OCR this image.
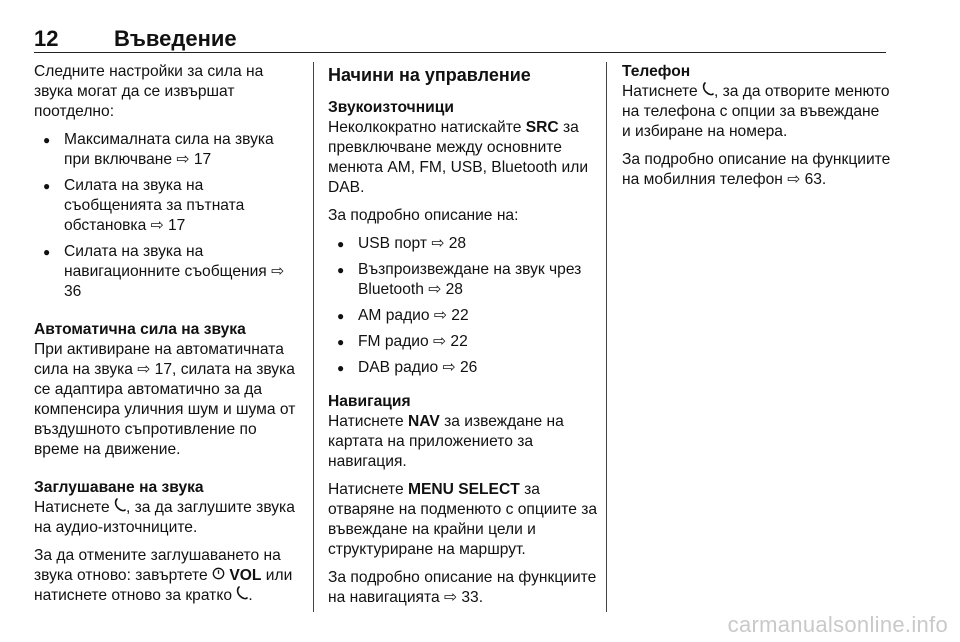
12	Въведение

Следните настройки за сила на звука могат да се извършат поотделно:

● Максималната сила на звука при включване ⇨ 17
● Силата на звука на съобщенията за пътната обстановка ⇨ 17
● Силата на звука на навигационните съобщения ⇨ 36
Автоматична сила на звука

При активиране на автоматичната сила на звука ⇨ 17, силата на звука се адаптира автоматично за да компенсира уличния шум и шума от въздушното съпротивление по време на движение.

Заглушаване на звука

Натиснете , за да заглушите звука на аудио-източниците.

За да отмените заглушаването на звука отново: завъртете  VOL или натиснете отново за кратко .

Начини на управление
Звукоизточници

Неколкократно натискайте SRC за превключване между основните менюта AM, FM, USB, Bluetooth или DAB.

За подробно описание на:

● USB порт ⇨ 28
● Възпроизвеждане на звук чрез Bluetooth ⇨ 28
● AM радио ⇨ 22
● FM радио ⇨ 22
● DAB радио ⇨ 26
Навигация

Натиснете NAV за извеждане на картата на приложението за навигация.

Натиснете MENU SELECT за отваряне на подменюто с опциите за въвеждане на крайни цели и структуриране на маршрут.

За подробно описание на функциите на навигацията ⇨ 33.

Телефон

Натиснете , за да отворите менюто на телефона с опции за въвеждане и избиране на номера.

За подробно описание на функциите на мобилния телефон ⇨ 63.

carmanualsonline.info
